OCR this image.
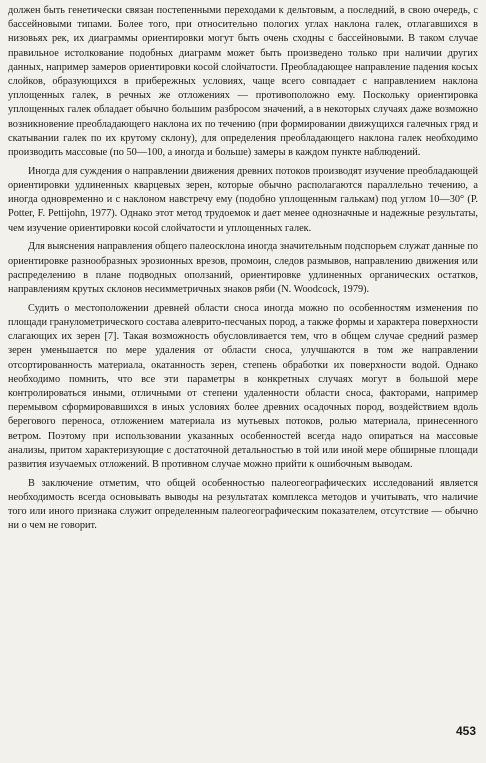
должен быть генетически связан постепенными переходами к дельтовым, а последний, в свою очередь, с бассейновыми типами. Более того, при относительно пологих углах наклона галек, отлагавшихся в низовьях рек, их диаграммы ориентировки могут быть очень сходны с бассейновыми. В таком случае правильное истолкование подобных диаграмм может быть произведено только при наличии других данных, например замеров ориентировки косой слойчатости. Преобладающее направление падения косых слойков, образующихся в прибережных условиях, чаще всего совпадает с направлением наклона уплощенных галек, в речных же отложениях — противоположно ему. Поскольку ориентировка уплощенных галек обладает обычно большим разбросом значений, а в некоторых случаях даже возможно возникновение преобладающего наклона их по течению (при формировании движущихся галечных гряд и скатывании галек по их крутому склону), для определения преобладающего наклона галек необходимо производить массовые (по 50—100, а иногда и больше) замеры в каждом пункте наблюдений.

Иногда для суждения о направлении движения древних потоков производят изучение преобладающей ориентировки удлиненных кварцевых зерен, которые обычно располагаются параллельно течению, а иногда одновременно и с наклоном навстречу ему (подобно уплощенным галькам) под углом 10—30° (P. Potter, F. Pettijohn, 1977). Однако этот метод трудоемок и дает менее однозначные и надежные результаты, чем изучение ориентировки косой слойчатости и уплощенных галек.

Для выяснения направления общего палеосклона иногда значительным подспорьем служат данные по ориентировке разнообразных эрозионных врезов, промоин, следов размывов, направлению движения или распределению в плане подводных оползаний, ориентировке удлиненных органических остатков, направлениям крутых склонов несимметричных знаков ряби (N. Woodcock, 1979).

Судить о местоположении древней области сноса иногда можно по особенностям изменения по площади гранулометрического состава алеврито-песчаных пород, а также формы и характера поверхности слагающих их зерен [7]. Такая возможность обусловливается тем, что в общем случае средний размер зерен уменьшается по мере удаления от области сноса, улучшаются в том же направлении отсортированность материала, окатанность зерен, степень обработки их поверхности водой. Однако необходимо помнить, что все эти параметры в конкретных случаях могут в большой мере контролироваться иными, отличными от степени удаленности области сноса, факторами, например перемывом сформировавшихся в иных условиях более древних осадочных пород, воздействием вдоль берегового переноса, отложением материала из мутьевых потоков, ролью материала, принесенного ветром. Поэтому при использовании указанных особенностей всегда надо опираться на массовые анализы, притом характеризующие с достаточной детальностью в той или иной мере обширные площади развития изучаемых отложений. В противном случае можно прийти к ошибочным выводам.

В заключение отметим, что общей особенностью палеогеографических исследований является необходимость всегда основывать выводы на результатах комплекса методов и учитывать, что наличие того или иного признака служит определенным палеогеографическим показателем, отсутствие — обычно ни о чем не говорит.

453
